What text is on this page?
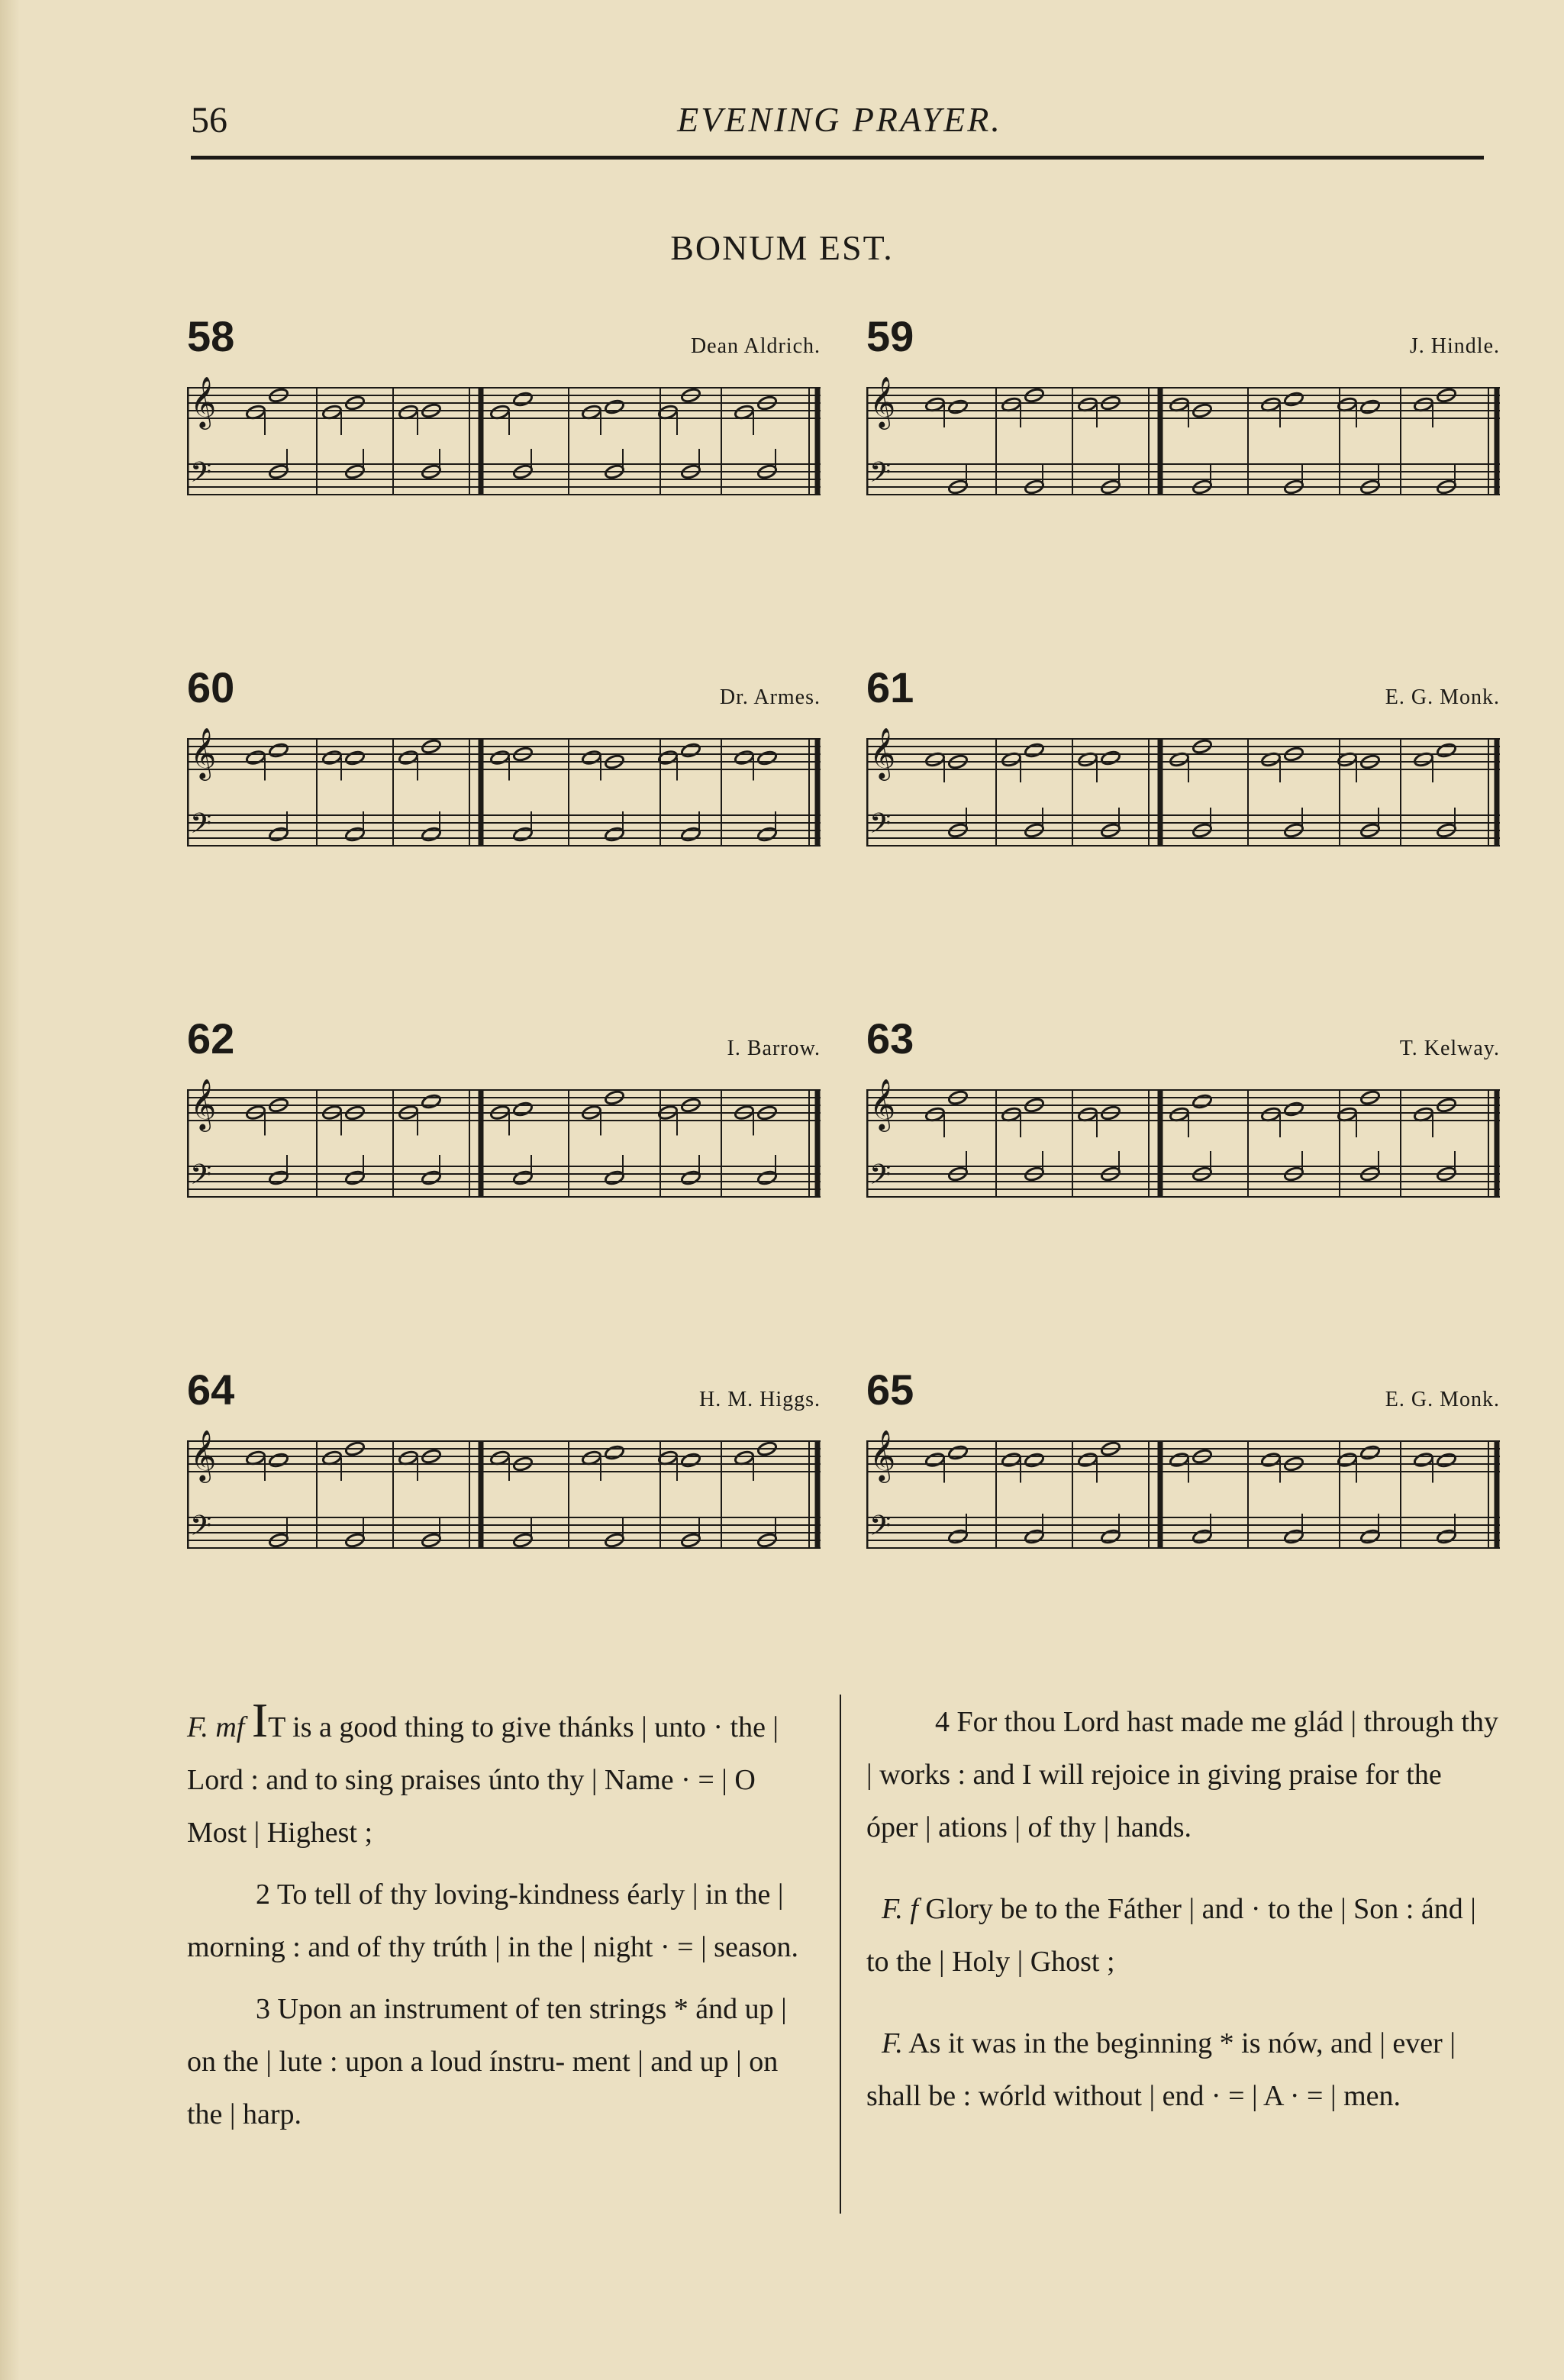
56	EVENING PRAYER.
BONUM EST.
58	Dean Aldrich.
𝄞
𝄢
59	J. Hindle.
𝄞
𝄢
60	Dr. Armes.
𝄞
𝄢
61	E. G. Monk.
𝄞
𝄢
62	I. Barrow.
𝄞
𝄢
63	T. Kelway.
𝄞
𝄢
64	H. M. Higgs.
𝄞
𝄢
65	E. G. Monk.
𝄞
𝄢

F. mf IT is a good thing to give thánks | unto · the | Lord : and to sing praises únto thy | Name · = | O Most | Highest ;

2 To tell of thy loving-kindness éarly | in the | morning : and of thy trúth | in the | night · = | season.

3 Upon an instrument of ten strings * ánd up | on the | lute : upon a loud ínstru- ment | and up | on the | harp.

4 For thou Lord hast made me glád | through thy | works : and I will rejoice in giving praise for the óper | ations | of thy | hands.

F. f Glory be to the Fáther | and · to the | Son : ánd | to the | Holy | Ghost ;

F. As it was in the beginning * is nów, and | ever | shall be : wórld without | end · = | A · = | men.
